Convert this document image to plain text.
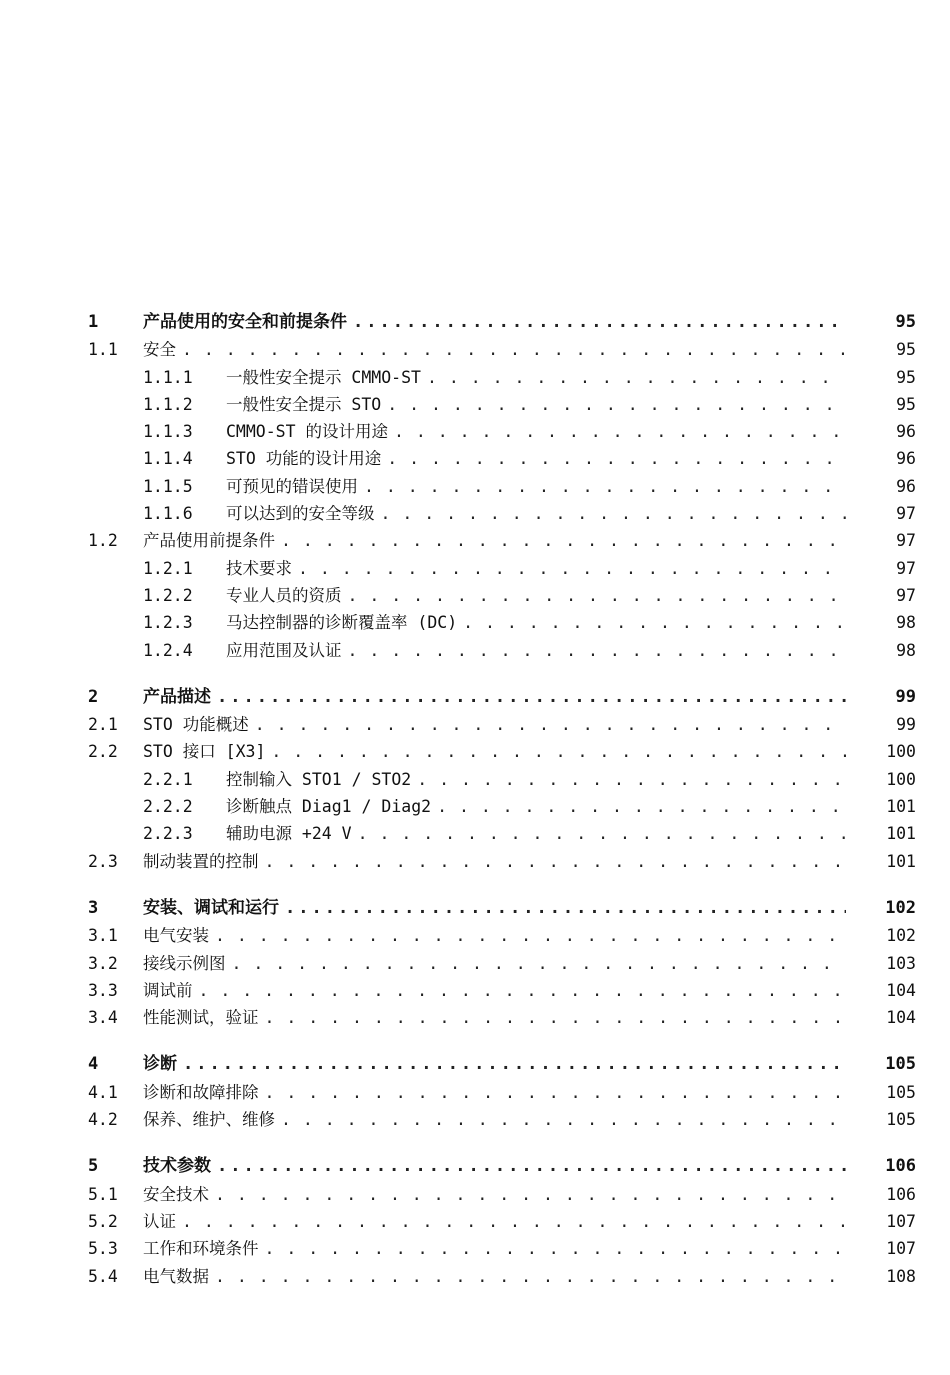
1	产品使用的安全和前提条件 .....	95
1.1	安全 . . .	95
1.1.1	一般性安全提示 CMMO-ST . . .	95
1.1.2	一般性安全提示 STO . . .	95
1.1.3	CMMO-ST 的设计用途 . . .	96
1.1.4	STO 功能的设计用途 . . .	96
1.1.5	可预见的错误使用 . . .	96
1.1.6	可以达到的安全等级 . . .	97
1.2	产品使用前提条件 . . .	97
1.2.1	技术要求 . . .	97
1.2.2	专业人员的资质 . . .	97
1.2.3	马达控制器的诊断覆盖率 (DC) . . .	98
1.2.4	应用范围及认证 . . .	98
2	产品描述 .....	99
2.1	STO 功能概述 . . .	99
2.2	STO 接口 [X3] . . .	100
2.2.1	控制输入 STO1 / STO2 . . .	100
2.2.2	诊断触点 Diag1 / Diag2 . . .	101
2.2.3	辅助电源 +24 V . . .	101
2.3	制动装置的控制 . . .	101
3	安装、调试和运行 .....	102
3.1	电气安装 . . .	102
3.2	接线示例图 . . .	103
3.3	调试前 . . .	104
3.4	性能测试，验证 . . .	104
4	诊断 .....	105
4.1	诊断和故障排除 . . .	105
4.2	保养、维护、维修 . . .	105
5	技术参数 .....	106
5.1	安全技术 . . .	106
5.2	认证 . . .	107
5.3	工作和环境条件 . . .	107
5.4	电气数据 . . .	108
